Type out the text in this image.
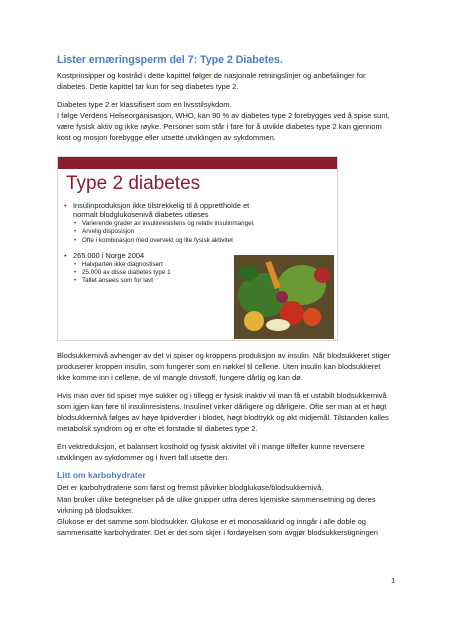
Lister ernæringsperm del 7: Type 2 Diabetes.

Kostprinsipper og kostråd i dette kapittel følger de nasjonale retningslinjer og anbefalinger for

diabetes. Dette kapittel tar kun for seg diabetes type 2.

Diabetes type 2 er klassifisert som en livsstilsykdom.

I følge Verdens Helseorganisasjon, WHO, kan 90 % av diabetes type 2 forebygges ved å spise sunt,

være fysisk aktiv og ikke røyke. Personer som står i fare for å utvikle diabetes type 2 kan gjennom

kost og mosjon forebygge eller utsette utviklingen av sykdommen.

Type 2 diabetes
• Insulinproduksjon ikke tilstrekkelig til å opprettholde et
normalt blodglukosenivå diabetes utløses
• Varierende grader av insulinresistens og relativ insulinmangel.
• Arvelig disposisjon
• Ofte i kombinasjon med overvekt og lite fysisk aktivitet
• 265.000 i Norge 2004
• Halvparten ikke diagnostisert
• 25.000 av disse diabetes type 1
• Tallet ansees som for lavt

Blodsukkernivå avhenger av det vi spiser og kroppens produksjon av insulin. Når blodsukkeret stiger

produserer kroppen insulin, som fungerer som en nøkkel til cellene. Uten insulin kan blodsukkeret

ikke komme inn i cellene, de vil mangle drivstoff, fungere dårlig og kan dø.

Hvis man over tid spiser mye sukker og i tillegg er fysisk inaktiv vil man få et ustabilt blodsukkernivå

som igjen kan føre til insulinresistens. Insulinet virker dårligere og dårligere. Ofte ser man at et høgt

blodsukkernivå følges av høye lipidverdier i blodet, høgt blodtrykk og økt midjemål. Tilstanden kalles

metabolsk syndrom og er ofte et forstadie til diabetes type 2.

En vektreduksjon, et balansert kosthold og fysisk aktivitet vil i mange tilfeller kunne reversere

utviklingen av sykdommer og i hvert fall utsette den.

Litt om karbohydrater

Det er karbohydratene som først og fremst påvirker blodglukose/blodsukkernivå.

Man bruker ulike betegnelser på de ulike grupper utfra deres kjemiske sammensetning og deres

virkning på blodsukker.

Glukose er det samme som blodsukker. Glukose er et monosakkarid og inngår i alle doble og

sammensatte karbohydrater. Det er det som skjer i fordøyelsen som avgjør blodsukkerstigningen

1
